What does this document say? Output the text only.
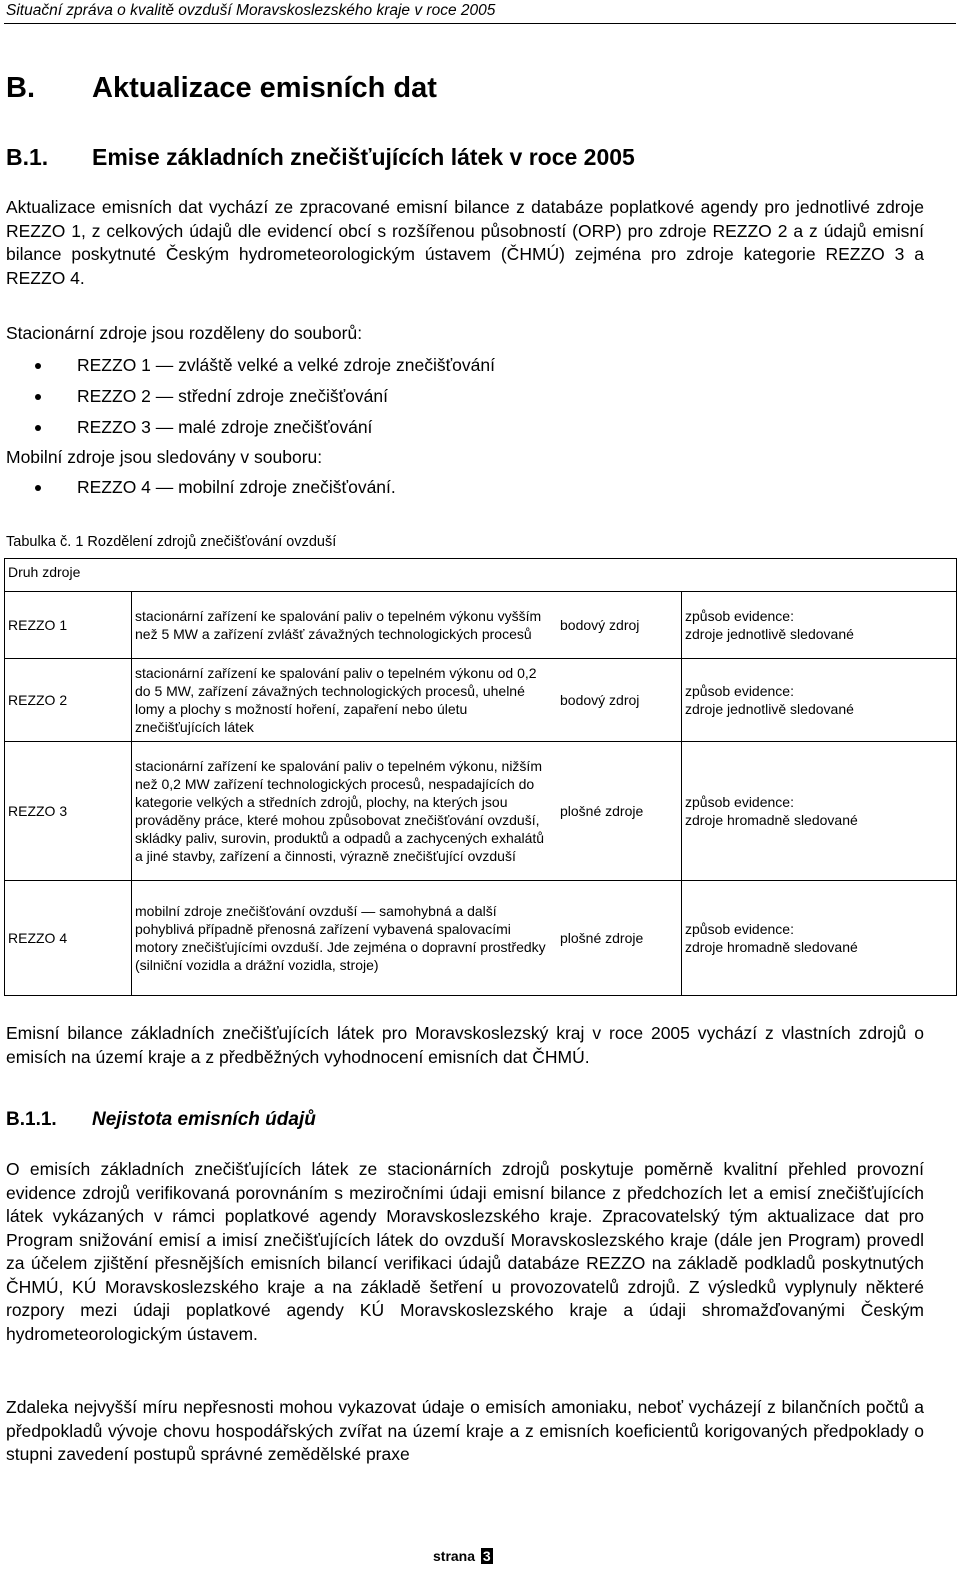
Situační zpráva o kvalitě ovzduší Moravskoslezského kraje v roce 2005
B. Aktualizace emisních dat
B.1. Emise základních znečišťujících látek v roce 2005
Aktualizace emisních dat vychází ze zpracované emisní bilance z databáze poplatkové agendy pro jednotlivé zdroje REZZO 1, z celkových údajů dle evidencí obcí s rozšířenou působností (ORP) pro zdroje REZZO 2 a z údajů emisní bilance poskytnuté Českým hydrometeorologickým ústavem (ČHMÚ) zejména pro zdroje kategorie REZZO 3 a REZZO 4.
Stacionární zdroje jsou rozděleny do souborů:
REZZO 1 — zvláště velké a velké zdroje znečišťování
REZZO 2 — střední zdroje znečišťování
REZZO 3 — malé zdroje znečišťování
Mobilní zdroje jsou sledovány v souboru:
REZZO 4 — mobilní zdroje znečišťování.
Tabulka č. 1 Rozdělení zdrojů znečišťování ovzduší
Druh zdroje			
REZZO 1	stacionární zařízení ke spalování paliv o tepelném výkonu vyšším než 5 MW a zařízení zvlášť závažných technologických procesů	bodový zdroj	způsob evidence:
zdroje jednotlivě sledované

REZZO 2	stacionární zařízení ke spalování paliv o tepelném výkonu od 0,2 do 5 MW, zařízení závažných technologických procesů, uhelné lomy a plochy s možností hoření, zapaření nebo úletu znečišťujících látek	bodový zdroj	způsob evidence:
zdroje jednotlivě sledované

REZZO 3	stacionární zařízení ke spalování paliv o tepelném výkonu, nižším než 0,2 MW zařízení technologických procesů, nespadajících do kategorie velkých a středních zdrojů, plochy, na kterých jsou prováděny práce, které mohou způsobovat znečišťování ovzduší, skládky paliv, surovin, produktů a odpadů a zachycených exhalátů a jiné stavby, zařízení a činnosti, výrazně znečišťující ovzduší	plošné zdroje	způsob evidence:
zdroje hromadně sledované

REZZO 4	mobilní zdroje znečišťování ovzduší — samohybná a další pohyblivá případně přenosná zařízení vybavená spalovacími motory znečišťujícími ovzduší. Jde zejména o dopravní prostředky (silniční vozidla a drážní vozidla, stroje)	plošné zdroje	způsob evidence:
zdroje hromadně sledované
Emisní bilance základních znečišťujících látek pro Moravskoslezský kraj v roce 2005 vychází z vlastních zdrojů o emisích na území kraje a z předběžných vyhodnocení emisních dat ČHMÚ.
B.1.1. Nejistota emisních údajů
O emisích základních znečišťujících látek ze stacionárních zdrojů poskytuje poměrně kvalitní přehled provozní evidence zdrojů verifikovaná porovnáním s meziročními údaji emisní bilance z předchozích let a emisí znečišťujících látek vykázaných v rámci poplatkové agendy Moravskoslezského kraje. Zpracovatelský tým aktualizace dat pro Program snižování emisí a imisí znečišťujících látek do ovzduší Moravskoslezského kraje (dále jen Program) provedl za účelem zjištění přesnějších emisních bilancí verifikaci údajů databáze REZZO na základě podkladů poskytnutých ČHMÚ, KÚ Moravskoslezského kraje a na základě šetření u provozovatelů zdrojů. Z výsledků vyplynuly některé rozpory mezi údaji poplatkové agendy KÚ Moravskoslezského kraje a údaji shromažďovanými Českým hydrometeorologickým ústavem.
Zdaleka nejvyšší míru nepřesnosti mohou vykazovat údaje o emisích amoniaku, neboť vycházejí z bilančních počtů a předpokladů vývoje chovu hospodářských zvířat na území kraje a z emisních koeficientů korigovaných předpoklady o stupni zavedení postupů správné zemědělské praxe
strana 3
